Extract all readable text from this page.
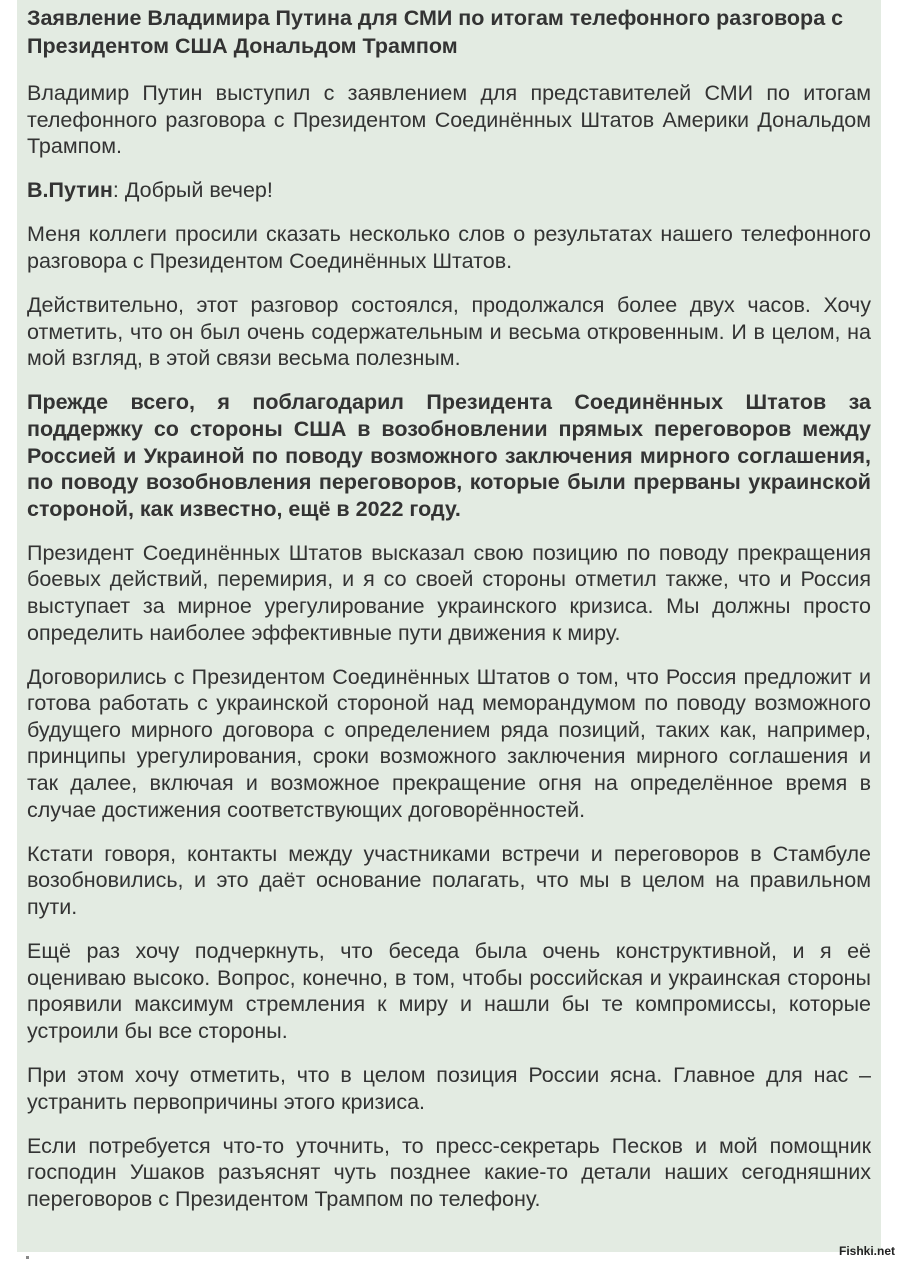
Заявление Владимира Путина для СМИ по итогам телефонного разговора с Президентом США Дональдом Трампом

Владимир Путин выступил с заявлением для представителей СМИ по итогам телефонного разговора с Президентом Соединённых Штатов Америки Дональдом Трампом.

В.Путин: Добрый вечер!

Меня коллеги просили сказать несколько слов о результатах нашего телефонного разговора с Президентом Соединённых Штатов.

Действительно, этот разговор состоялся, продолжался более двух часов. Хочу отметить, что он был очень содержательным и весьма откровенным. И в целом, на мой взгляд, в этой связи весьма полезным.

Прежде всего, я поблагодарил Президента Соединённых Штатов за поддержку со стороны США в возобновлении прямых переговоров между Россией и Украиной по поводу возможного заключения мирного соглашения, по поводу возобновления переговоров, которые были прерваны украинской стороной, как известно, ещё в 2022 году.

Президент Соединённых Штатов высказал свою позицию по поводу прекращения боевых действий, перемирия, и я со своей стороны отметил также, что и Россия выступает за мирное урегулирование украинского кризиса. Мы должны просто определить наиболее эффективные пути движения к миру.

Договорились с Президентом Соединённых Штатов о том, что Россия предложит и готова работать с украинской стороной над меморандумом по поводу возможного будущего мирного договора с определением ряда позиций, таких как, например, принципы урегулирования, сроки возможного заключения мирного соглашения и так далее, включая и возможное прекращение огня на определённое время в случае достижения соответствующих договорённостей.

Кстати говоря, контакты между участниками встречи и переговоров в Стамбуле возобновились, и это даёт основание полагать, что мы в целом на правильном пути.

Ещё раз хочу подчеркнуть, что беседа была очень конструктивной, и я её оцениваю высоко. Вопрос, конечно, в том, чтобы российская и украинская стороны проявили максимум стремления к миру и нашли бы те компромиссы, которые устроили бы все стороны.

При этом хочу отметить, что в целом позиция России ясна. Главное для нас – устранить первопричины этого кризиса.

Если потребуется что-то уточнить, то пресс-секретарь Песков и мой помощник господин Ушаков разъяснят чуть позднее какие-то детали наших сегодняшних переговоров с Президентом Трампом по телефону.

Fishki.net
